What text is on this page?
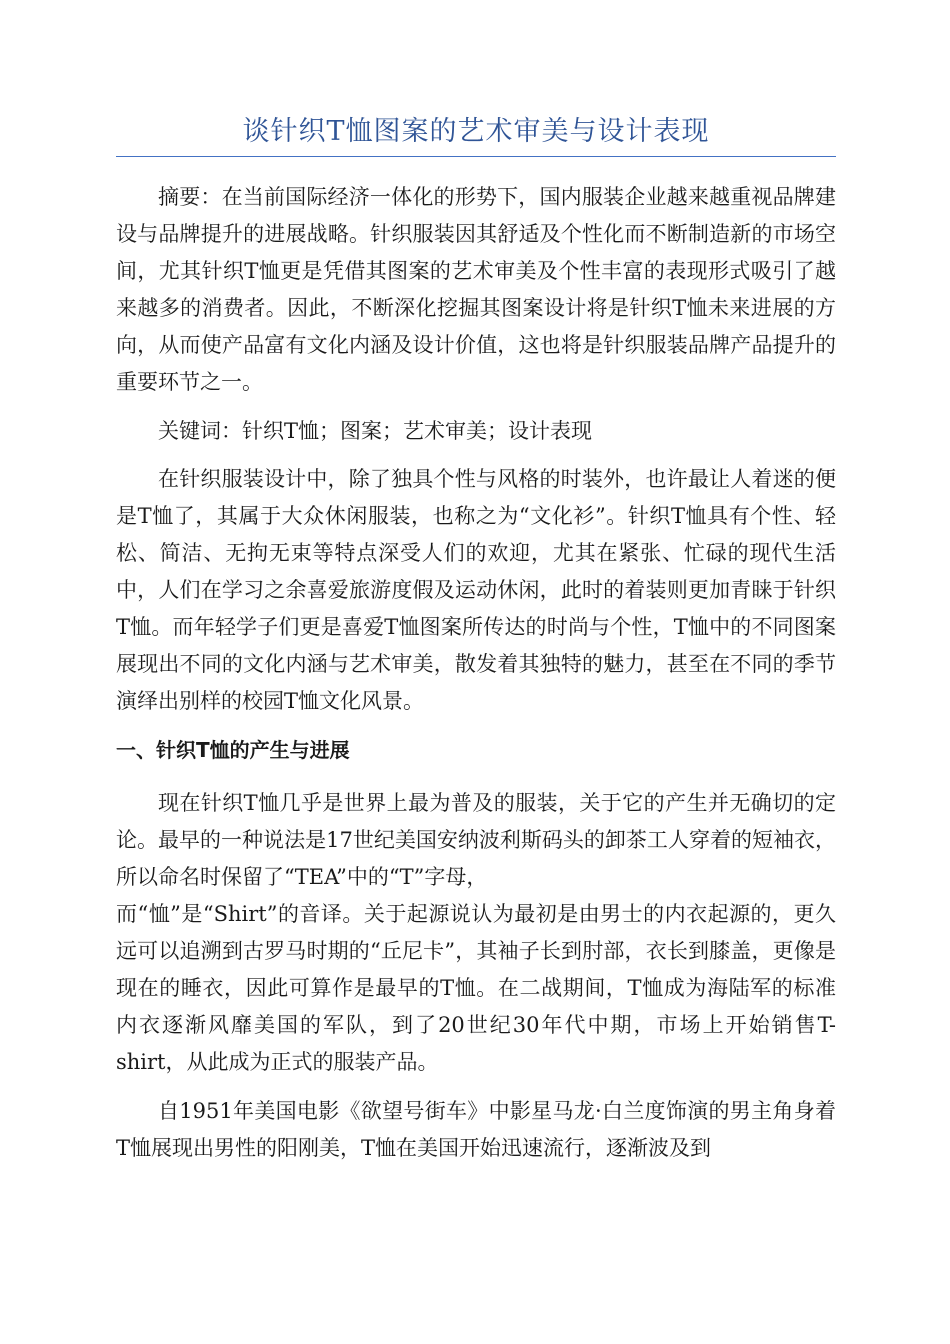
谈针织T恤图案的艺术审美与设计表现

摘要：在当前国际经济一体化的形势下，国内服装企业越来越重视品牌建设与品牌提升的进展战略。针织服装因其舒适及个性化而不断制造新的市场空间，尤其针织T恤更是凭借其图案的艺术审美及个性丰富的表现形式吸引了越来越多的消费者。因此，不断深化挖掘其图案设计将是针织T恤未来进展的方向，从而使产品富有文化内涵及设计价值，这也将是针织服装品牌产品提升的重要环节之一。

关键词：针织T恤；图案；艺术审美；设计表现

在针织服装设计中，除了独具个性与风格的时装外，也许最让人着迷的便是T恤了，其属于大众休闲服装，也称之为“文化衫”。针织T恤具有个性、轻松、简洁、无拘无束等特点深受人们的欢迎，尤其在紧张、忙碌的现代生活中，人们在学习之余喜爱旅游度假及运动休闲，此时的着装则更加青睐于针织T恤。而年轻学子们更是喜爱T恤图案所传达的时尚与个性，T恤中的不同图案展现出不同的文化内涵与艺术审美，散发着其独特的魅力，甚至在不同的季节演绎出别样的校园T恤文化风景。

一、针织T恤的产生与进展

现在针织T恤几乎是世界上最为普及的服装，关于它的产生并无确切的定论。最早的一种说法是17世纪美国安纳波利斯码头的卸茶工人穿着的短袖衣，所以命名时保留了“TEA”中的“T”字母，

而“恤”是“Shirt”的音译。关于起源说认为最初是由男士的内衣起源的，更久远可以追溯到古罗马时期的“丘尼卡”，其袖子长到肘部，衣长到膝盖，更像是现在的睡衣，因此可算作是最早的T恤。在二战期间，T恤成为海陆军的标准内衣逐渐风靡美国的军队，到了20世纪30年代中期，市场上开始销售T-shirt，从此成为正式的服装产品。

自1951年美国电影《欲望号街车》中影星马龙·白兰度饰演的男主角身着T恤展现出男性的阳刚美，T恤在美国开始迅速流行，逐渐波及到
